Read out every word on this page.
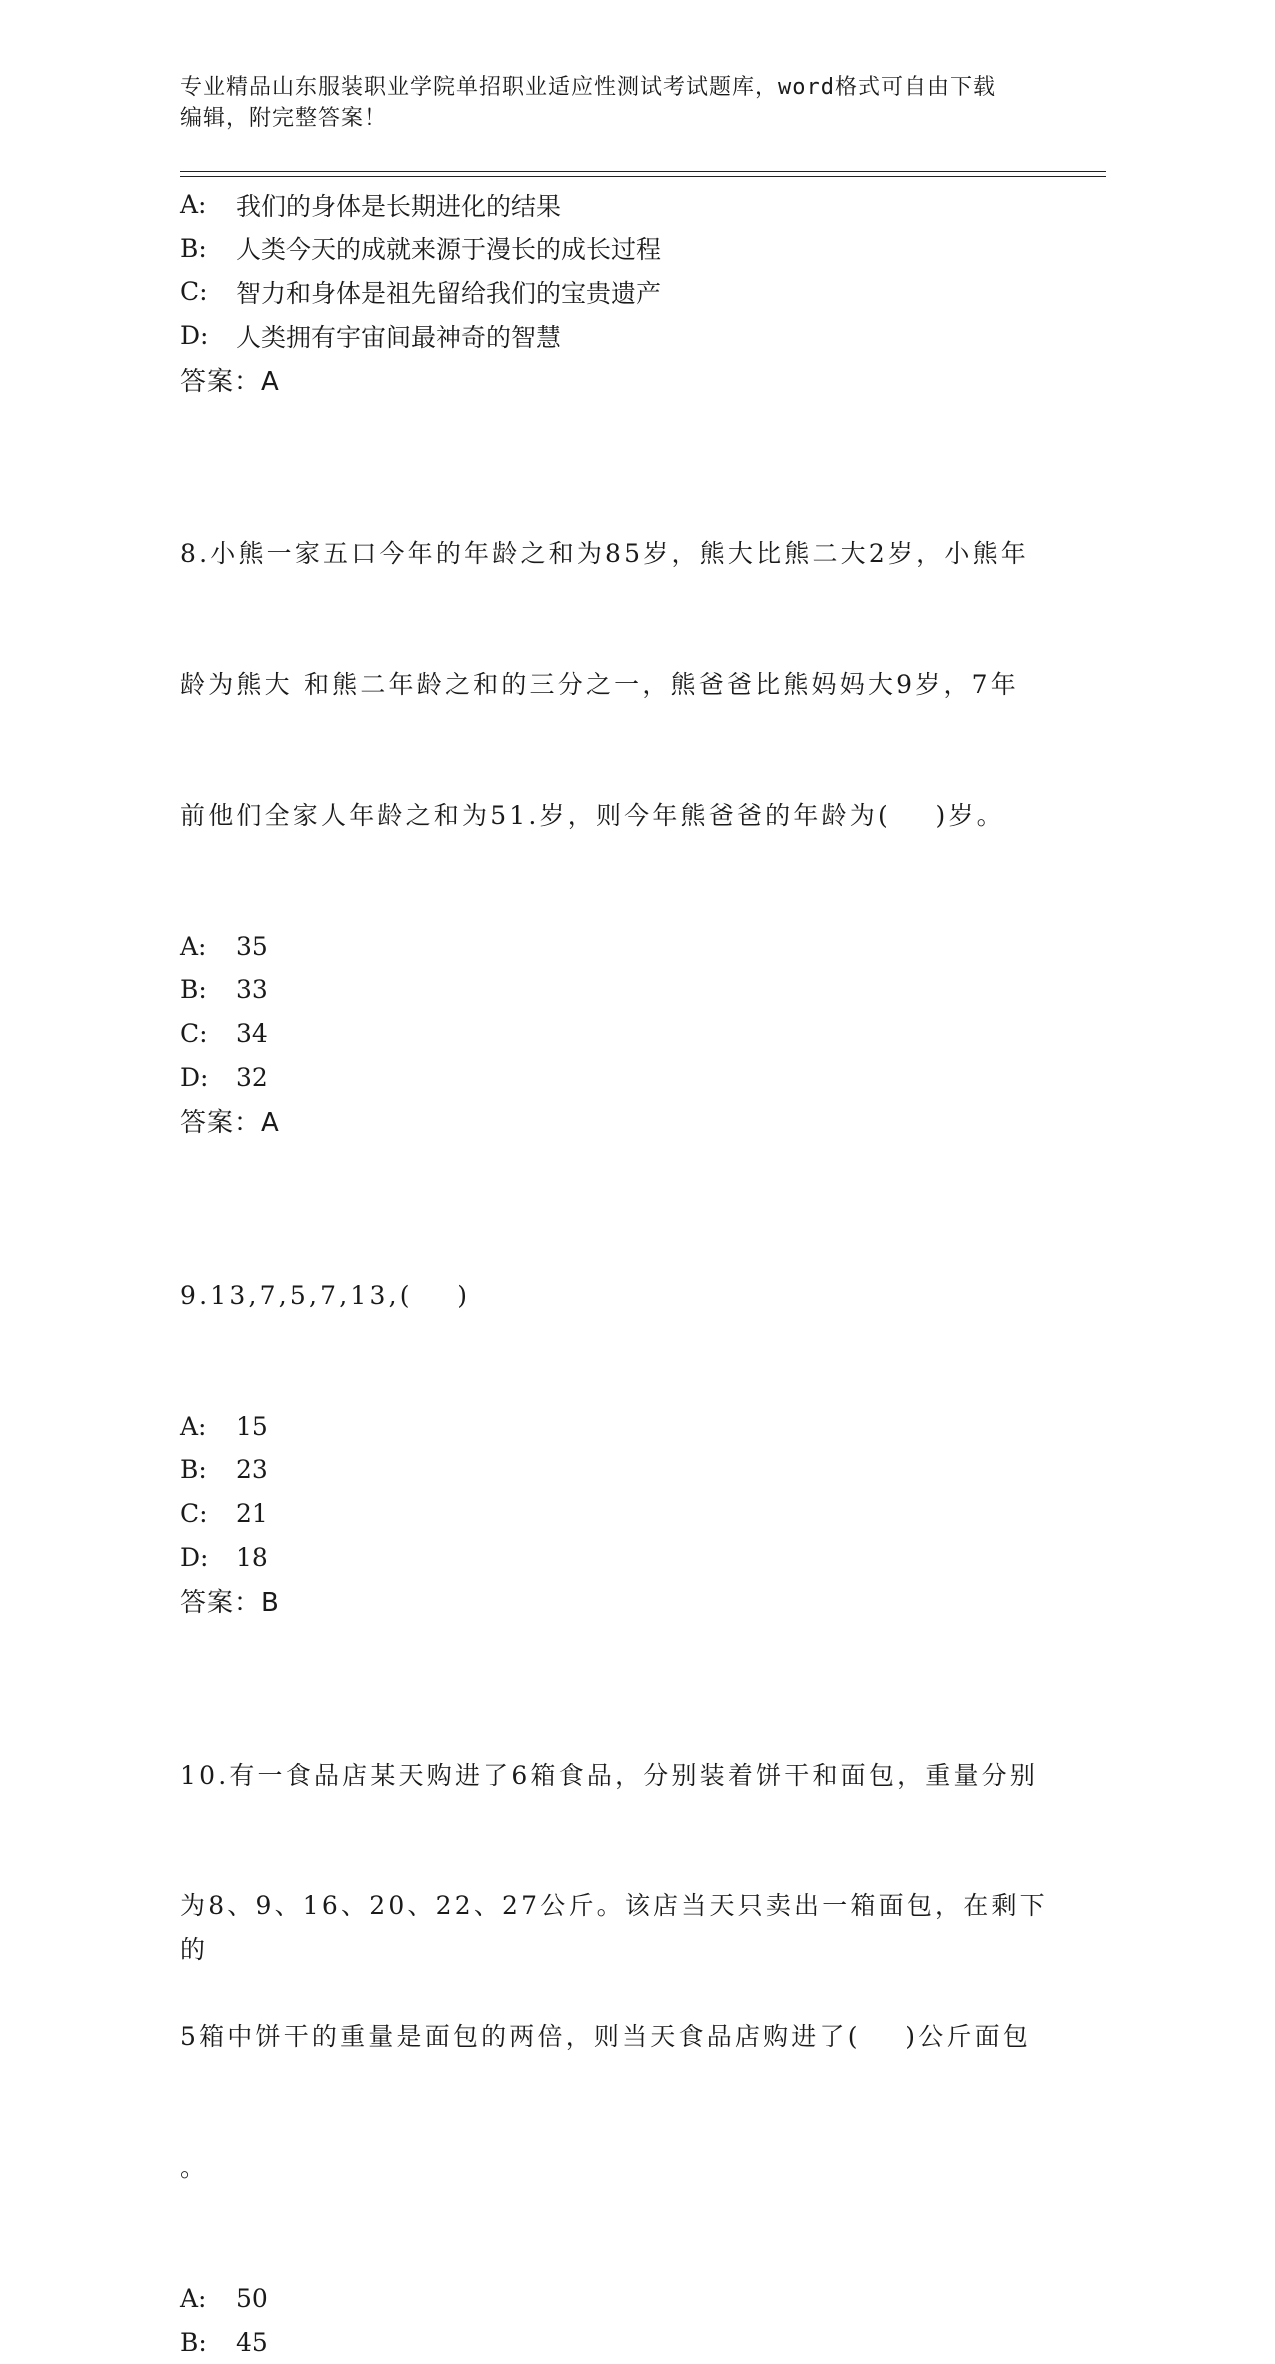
专业精品山东服装职业学院单招职业适应性测试考试题库，word格式可自由下载
编辑，附完整答案！
A:	我们的身体是长期进化的结果
B:	人类今天的成就来源于漫长的成长过程
C:	智力和身体是祖先留给我们的宝贵遗产
D:	人类拥有宇宙间最神奇的智慧
答案：A

8.小熊一家五口今年的年龄之和为85岁，熊大比熊二大2岁，小熊年

龄为熊大 和熊二年龄之和的三分之一，熊爸爸比熊妈妈大9岁，7年

前他们全家人年龄之和为51.岁，则今年熊爸爸的年龄为(    )岁。

A:	35
B:	33
C:	34
D:	32
答案：A

9.13,7,5,7,13,(    )

A:	15
B:	23
C:	21
D:	18
答案：B

10.有一食品店某天购进了6箱食品，分别装着饼干和面包，重量分别

为8、9、16、20、22、27公斤。该店当天只卖出一箱面包，在剩下的

5箱中饼干的重量是面包的两倍，则当天食品店购进了(    )公斤面包

。

A:	50
B:	45
